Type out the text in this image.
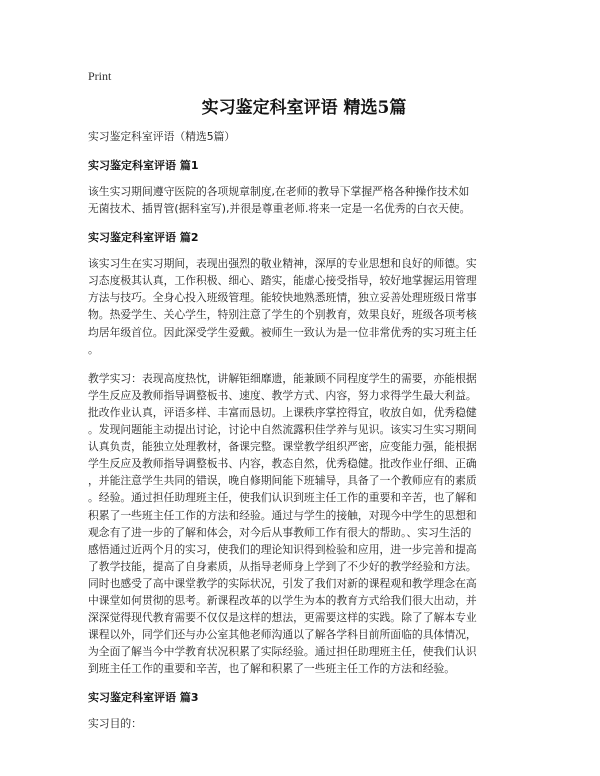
Print
实习鉴定科室评语 精选5篇
实习鉴定科室评语（精选5篇）
实习鉴定科室评语 篇1
该生实习期间遵守医院的各项规章制度,在老师的教导下掌握严格各种操作技术如
无菌技术、插胃管(据科室写),并很是尊重老师.将来一定是一名优秀的白衣天使。
实习鉴定科室评语 篇2
该实习生在实习期间，表现出强烈的敬业精神，深厚的专业思想和良好的师德。实
习态度极其认真，工作积极、细心、踏实，能虚心接受指导，较好地掌握运用管理
方法与技巧。全身心投入班级管理。能较快地熟悉班情，独立妥善处理班级日常事
物。热爱学生、关心学生，特别注意了学生的个别教育，效果良好，班级各项考核
均居年级首位。因此深受学生爱戴。被师生一致认为是一位非常优秀的实习班主任
。
教学实习：表现高度热忱，讲解钜细靡遗，能兼顾不同程度学生的需要，亦能根据
学生反应及教师指导调整板书、速度、教学方式、内容，努力求得学生最大利益。
批改作业认真，评语多样、丰富而恳切。上课秩序掌控得宜，收放自如，优秀稳健
。发现问题能主动提出讨论，讨论中自然流露积佳学养与见识。该实习生实习期间
认真负责，能独立处理教材，备课完整。课堂教学组织严密，应变能力强，能根据
学生反应及教师指导调整板书、内容，教态自然，优秀稳健。批改作业仔细、正确
，并能注意学生共同的错误，晚自修期间能下班辅导，具备了一个教师应有的素质
。经验。通过担任助理班主任，使我们认识到班主任工作的重要和辛苦，也了解和
积累了一些班主任工作的方法和经验。通过与学生的接触，对现今中学生的思想和
观念有了进一步的了解和体会，对今后从事教师工作有很大的帮助。、实习生活的
感悟通过近两个月的实习，使我们的理论知识得到检验和应用，进一步完善和提高
了教学技能，提高了自身素质，从指导老师身上学到了不少好的教学经验和方法。
同时也感受了高中课堂教学的实际状况，引发了我们对新的课程观和教学理念在高
中课堂如何贯彻的思考。新课程改革的以学生为本的教育方式给我们很大出动，并
深深觉得现代教育需要不仅仅是这样的想法，更需要这样的实践。除了了解本专业
课程以外，同学们还与办公室其他老师沟通以了解各学科目前所面临的具体情况，
为全面了解当今中学教育状况积累了实际经验。通过担任助理班主任，使我们认识
到班主任工作的重要和辛苦，也了解和积累了一些班主任工作的方法和经验。
实习鉴定科室评语 篇3
实习目的：
